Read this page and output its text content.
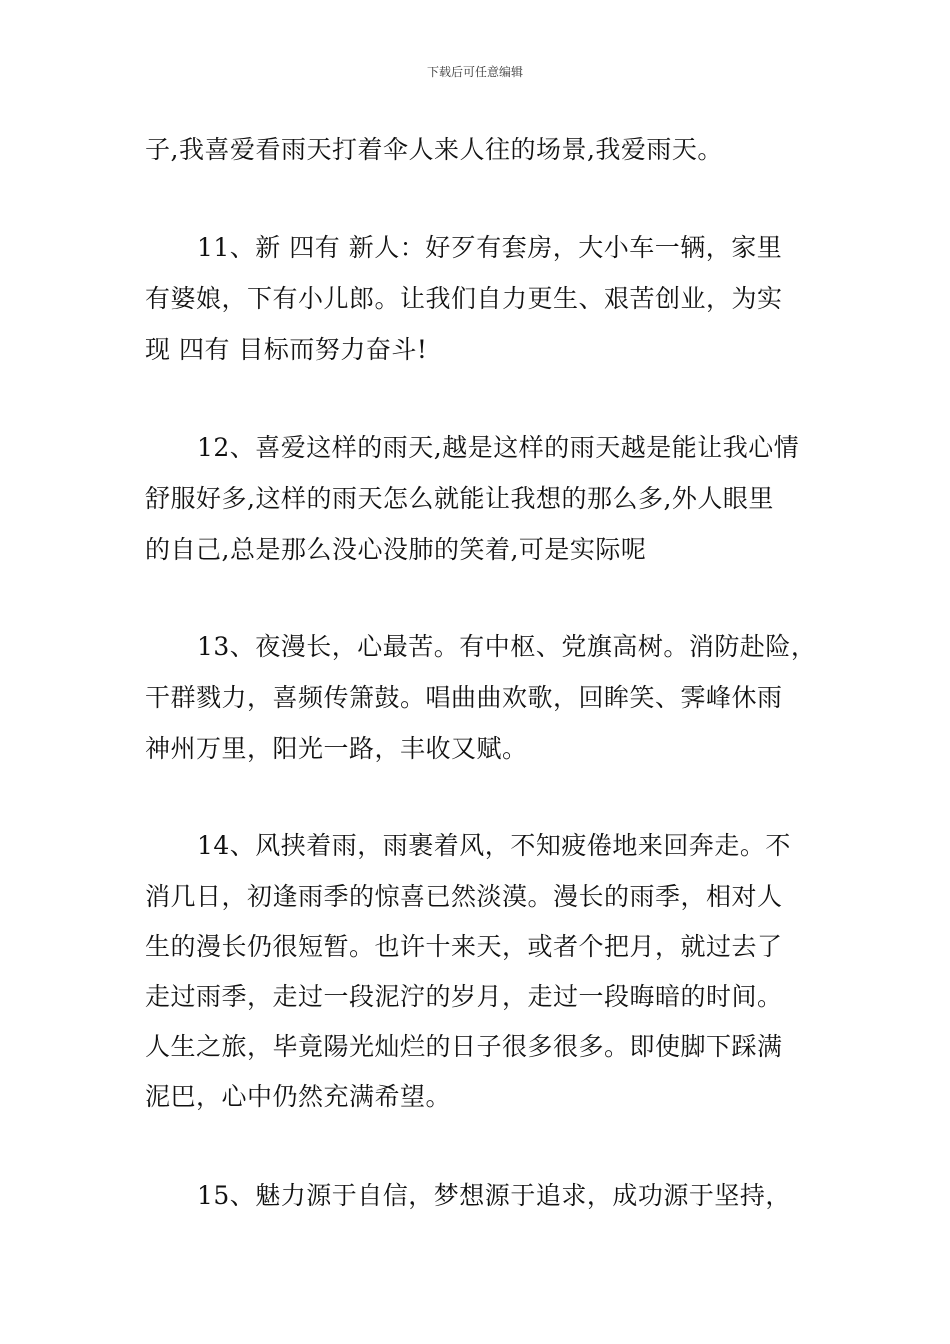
下载后可任意编辑
子,我喜爱看雨天打着伞人来人往的场景,我爱雨天。
11、新 四有 新人：好歹有套房，大小车一辆，家里
有婆娘，下有小儿郎。让我们自力更生、艰苦创业，为实
现 四有 目标而努力奋斗!
12、喜爱这样的雨天,越是这样的雨天越是能让我心情
舒服好多,这样的雨天怎么就能让我想的那么多,外人眼里
的自己,总是那么没心没肺的笑着,可是实际呢
13、夜漫长，心最苦。有中枢、党旗高树。消防赴险，
干群戮力，喜频传箫鼓。唱曲曲欢歌，回眸笑、霁峰休雨
神州万里，阳光一路，丰收又赋。
14、风挟着雨，雨裹着风，不知疲倦地来回奔走。不
消几日，初逢雨季的惊喜已然淡漠。漫长的雨季，相对人
生的漫长仍很短暂。也许十来天，或者个把月，就过去了
走过雨季，走过一段泥泞的岁月，走过一段晦暗的时间。
人生之旅，毕竟陽光灿烂的日子很多很多。即使脚下踩满
泥巴，心中仍然充满希望。
15、魅力源于自信，梦想源于追求，成功源于坚持，
